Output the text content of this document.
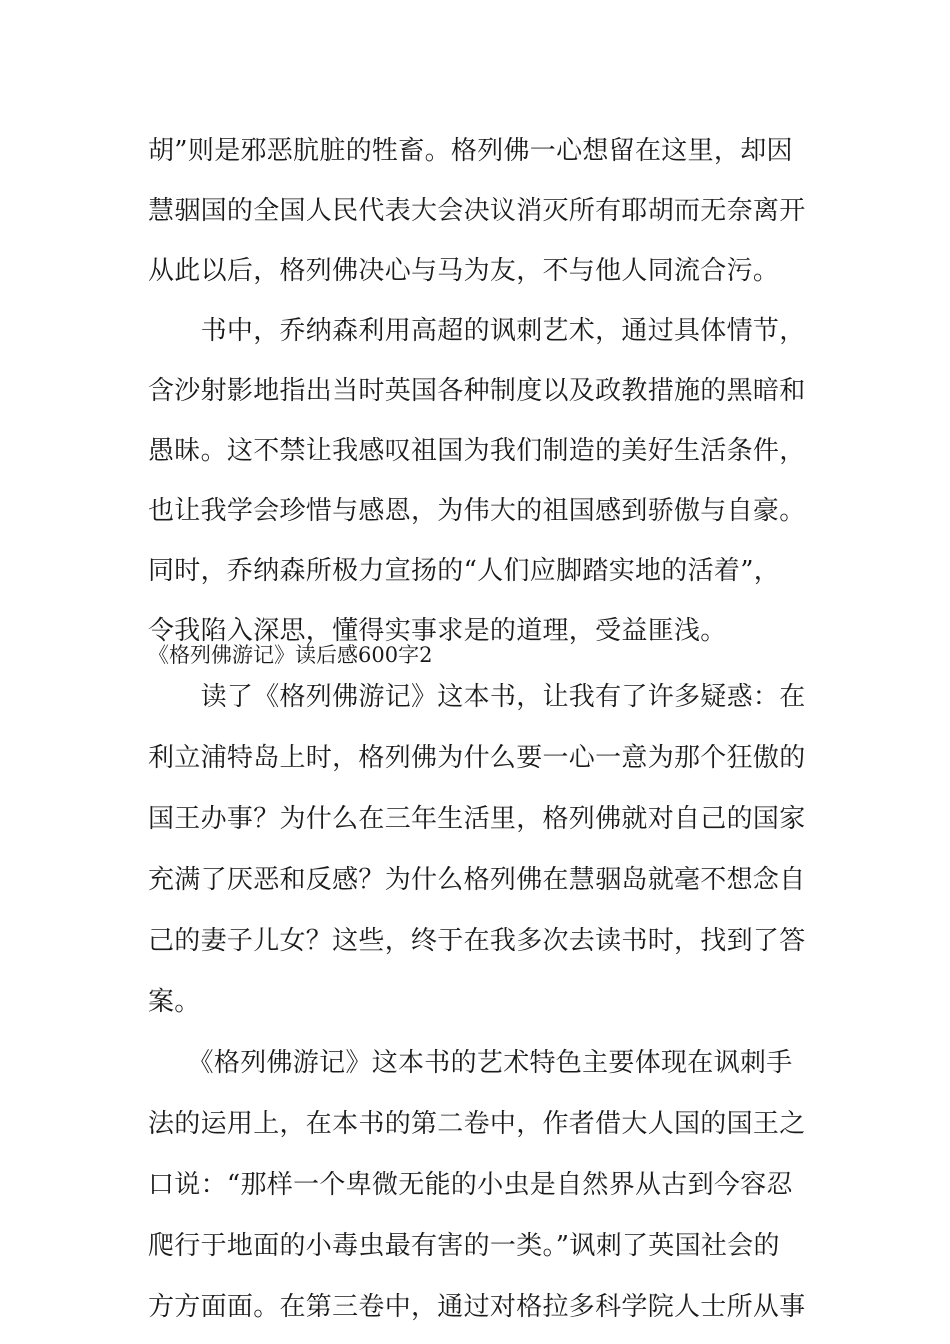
胡”则是邪恶肮脏的牲畜。格列佛一心想留在这里，却因
慧骃国的全国人民代表大会决议消灭所有耶胡而无奈离开
从此以后，格列佛决心与马为友，不与他人同流合污。
　　书中，乔纳森利用高超的讽刺艺术，通过具体情节，
含沙射影地指出当时英国各种制度以及政教措施的黑暗和
愚昧。这不禁让我感叹祖国为我们制造的美好生活条件，
也让我学会珍惜与感恩，为伟大的祖国感到骄傲与自豪。
同时，乔纳森所极力宣扬的“人们应脚踏实地的活着”，
令我陷入深思，懂得实事求是的道理，受益匪浅。
《格列佛游记》读后感600字2
　　读了《格列佛游记》这本书，让我有了许多疑惑：在
利立浦特岛上时，格列佛为什么要一心一意为那个狂傲的
国王办事？为什么在三年生活里，格列佛就对自己的国家
充满了厌恶和反感？为什么格列佛在慧骃岛就毫不想念自
己的妻子儿女？这些，终于在我多次去读书时，找到了答
案。
　　《格列佛游记》这本书的艺术特色主要体现在讽刺手
法的运用上，在本书的第二卷中，作者借大人国的国王之
口说：“那样一个卑微无能的小虫是自然界从古到今容忍
爬行于地面的小毒虫最有害的一类。”讽刺了英国社会的
方方面面。在第三卷中，通过对格拉多科学院人士所从事
